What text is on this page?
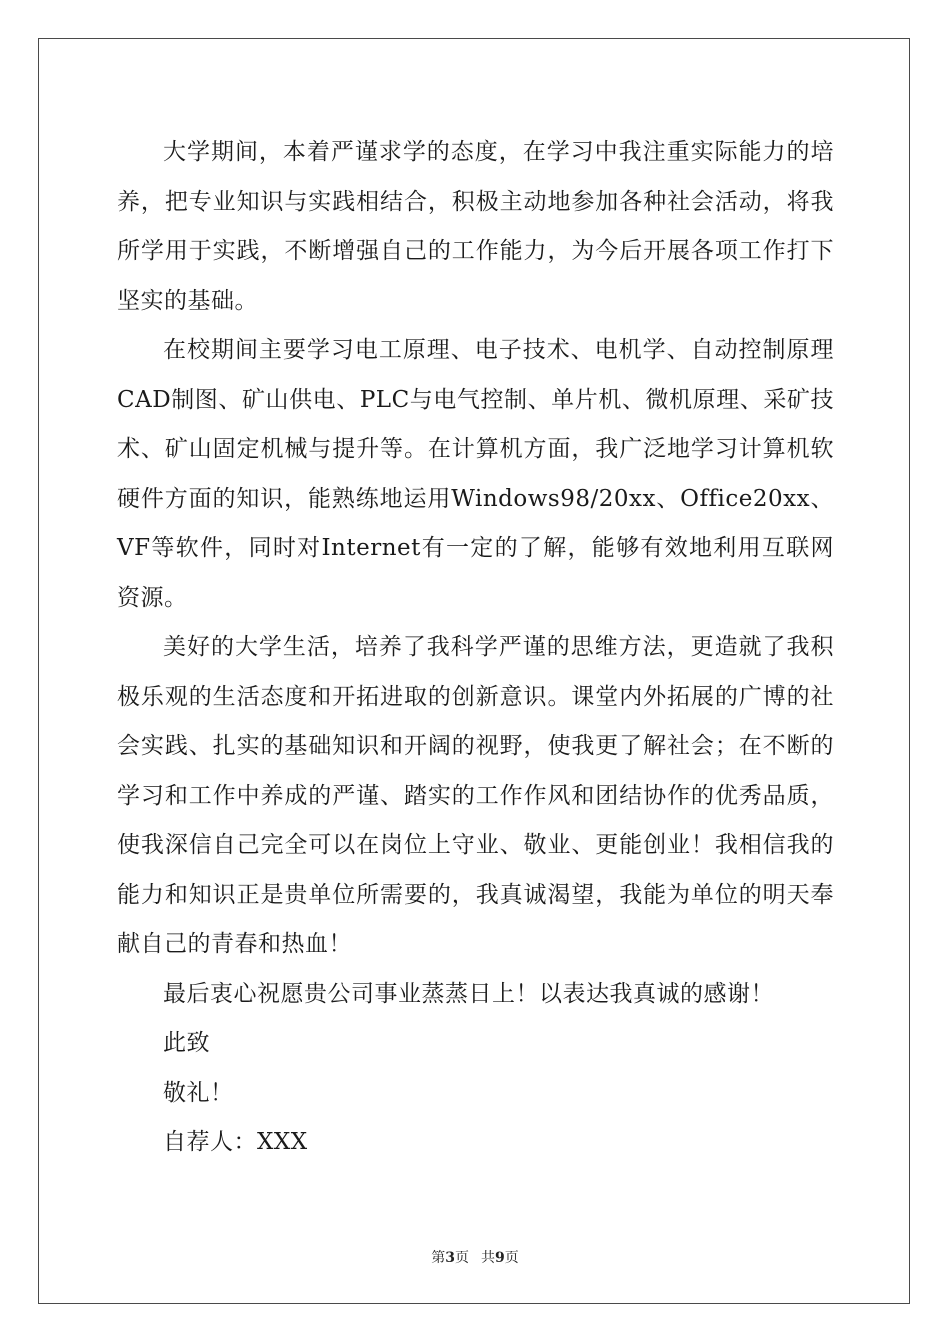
大学期间，本着严谨求学的态度，在学习中我注重实际能力的培养，把专业知识与实践相结合，积极主动地参加各种社会活动，将我所学用于实践，不断增强自己的工作能力，为今后开展各项工作打下坚实的基础。

在校期间主要学习电工原理、电子技术、电机学、自动控制原理CAD制图、矿山供电、PLC与电气控制、单片机、微机原理、采矿技术、矿山固定机械与提升等。在计算机方面，我广泛地学习计算机软硬件方面的知识，能熟练地运用Windows98/20xx、Office20xx、VF等软件，同时对Internet有一定的了解，能够有效地利用互联网资源。

美好的大学生活，培养了我科学严谨的思维方法，更造就了我积极乐观的生活态度和开拓进取的创新意识。课堂内外拓展的广博的社会实践、扎实的基础知识和开阔的视野，使我更了解社会；在不断的学习和工作中养成的严谨、踏实的工作作风和团结协作的优秀品质，使我深信自己完全可以在岗位上守业、敬业、更能创业！我相信我的能力和知识正是贵单位所需要的，我真诚渴望，我能为单位的明天奉献自己的青春和热血！

最后衷心祝愿贵公司事业蒸蒸日上！以表达我真诚的感谢！

此致

敬礼！

自荐人：XXX

第3页 共9页
